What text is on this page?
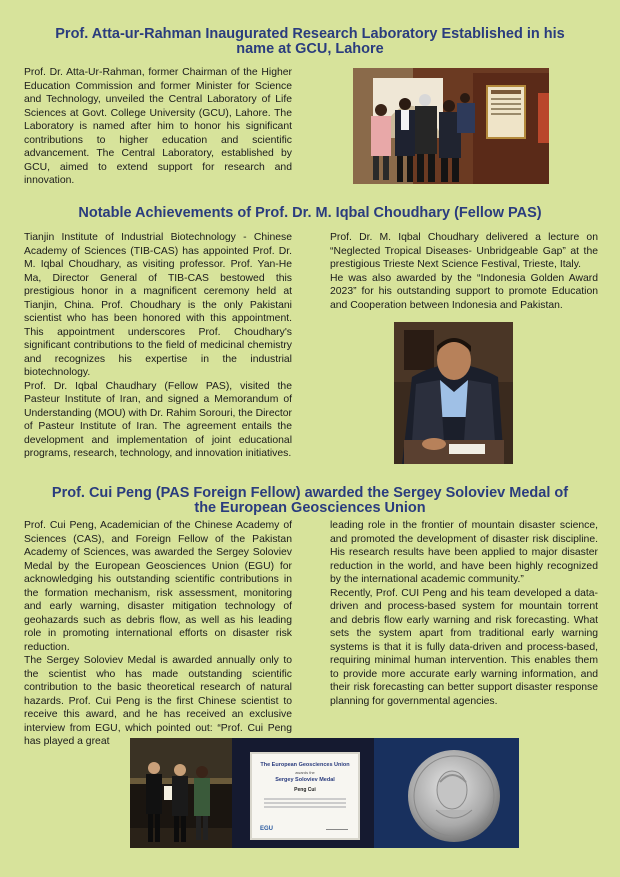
Prof. Atta-ur-Rahman Inaugurated Research Laboratory Established in his name at GCU, Lahore

Prof. Dr. Atta-Ur-Rahman, former Chairman of the Higher Education Commission and former Minister for Science and Technology, unveiled the Central Laboratory of Life Sciences at Govt. College University (GCU), Lahore. The Laboratory is named after him to honor his significant contributions to higher education and scientific advancement. The Central Laboratory, established by GCU, aimed to extend support for research and innovation.

Notable Achievements of Prof. Dr. M. Iqbal Choudhary (Fellow PAS)

Tianjin Institute of Industrial Biotechnology - Chinese Academy of Sciences (TIB-CAS) has appointed Prof. Dr. M. Iqbal Choudhary, as visiting professor. Prof. Yan-He Ma, Director General of TIB-CAS bestowed this prestigious honor in a magnificent ceremony held at Tianjin, China. Prof. Choudhary is the only Pakistani scientist who has been honored with this appointment. This appointment underscores Prof. Choudhary's significant contributions to the field of medicinal chemistry and recognizes his expertise in the industrial biotechnology.

Prof. Dr. Iqbal Chaudhary (Fellow PAS), visited the Pasteur Institute of Iran, and signed a Memorandum of Understanding (MOU) with Dr. Rahim Sorouri, the Director of Pasteur Institute of Iran. The agreement entails the development and implementation of joint educational programs, research, technology, and innovation initiatives.

Prof. Dr. M. Iqbal Choudhary delivered a lecture on “Neglected Tropical Diseases- Unbridgeable Gap” at the prestigious Trieste Next Science Festival, Trieste, Italy.

He was also awarded by the “Indonesia Golden Award 2023” for his outstanding support to promote Education and Cooperation between Indonesia and Pakistan.

Prof. Cui Peng (PAS Foreign Fellow) awarded the Sergey Soloviev Medal of the European Geosciences Union

Prof. Cui Peng, Academician of the Chinese Academy of Sciences (CAS), and Foreign Fellow of the Pakistan Academy of Sciences, was awarded the Sergey Soloviev Medal by the European Geosciences Union (EGU) for acknowledging his outstanding scientific contributions in the formation mechanism, risk assessment, monitoring and early warning, disaster mitigation technology of geohazards such as debris flow, as well as his leading role in promoting international efforts on disaster risk reduction.

The Sergey Soloviev Medal is awarded annually only to the scientist who has made outstanding scientific contribution to the basic theoretical research of natural hazards. Prof. Cui Peng is the first Chinese scientist to receive this award, and he has received an exclusive interview from EGU, which pointed out: “Prof. Cui Peng has played a great

leading role in the frontier of mountain disaster science, and promoted the development of disaster risk discipline. His research results have been applied to major disaster reduction in the world, and have been highly recognized by the international academic community.”

Recently, Prof. CUI Peng and his team developed a data-driven and process-based system for mountain torrent and debris flow early warning and risk forecasting. What sets the system apart from traditional early warning systems is that it is fully data-driven and process-based, requiring minimal human intervention. This enables them to provide more accurate early warning information, and their risk forecasting can better support disaster response planning for governmental agencies.

The European Geosciences Union
awards the
Sergey Soloviev Medal
Peng Cui
EGU
